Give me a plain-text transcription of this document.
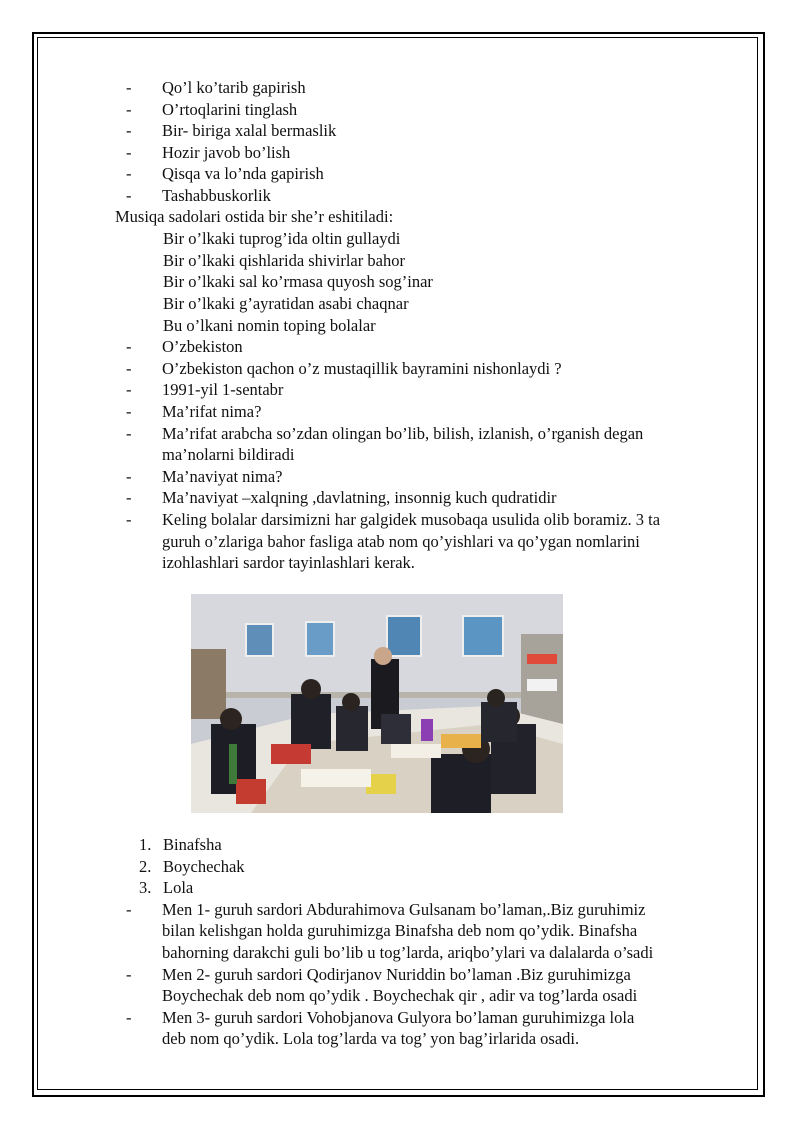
-	Qo’l ko’tarib gapirish
-	O’rtoqlarini tinglash
-	Bir- biriga xalal bermaslik
-	Hozir javob bo’lish
-	Qisqa va lo’nda gapirish
-	Tashabbuskorlik
Musiqa sadolari ostida bir she’r eshitiladi:
Bir o’lkaki tuprog’ida oltin gullaydi
Bir o’lkaki qishlarida shivirlar bahor
Bir o’lkaki sal ko’rmasa quyosh sog’inar
Bir o’lkaki g’ayratidan asabi chaqnar
Bu o’lkani nomin toping bolalar
-	O’zbekiston
-	O’zbekiston qachon o’z mustaqillik bayramini nishonlaydi ?
-	1991-yil 1-sentabr
-	Ma’rifat nima?
-	Ma’rifat arabcha so’zdan olingan bo’lib, bilish, izlanish, o’rganish degan
ma’nolarni bildiradi
-	Ma’naviyat nima?
-	Ma’naviyat –xalqning ,davlatning, insonnig kuch qudratidir
-	Keling bolalar darsimizni har galgidek musobaqa usulida olib boramiz. 3 ta
guruh o’zlariga bahor fasliga atab nom qo’yishlari va qo’ygan nomlarini
izohlashlari sardor tayinlashlari kerak.
1. Binafsha
2. Boychechak
3. Lola
-	Men 1- guruh sardori Abdurahimova Gulsanam bo’laman,.Biz guruhimiz
bilan kelishgan holda guruhimizga Binafsha deb nom qo’ydik. Binafsha
bahorning darakchi guli bo’lib u tog’larda, ariqbo’ylari va dalalarda o’sadi
-	Men 2- guruh sardori Qodirjanov Nuriddin bo’laman .Biz guruhimizga
Boychechak deb nom qo’ydik . Boychechak qir , adir va tog’larda osadi
-	Men 3- guruh sardori Vohobjanova Gulyora bo’laman guruhimizga lola
deb nom qo’ydik. Lola tog’larda va tog’ yon bag’irlarida osadi.
